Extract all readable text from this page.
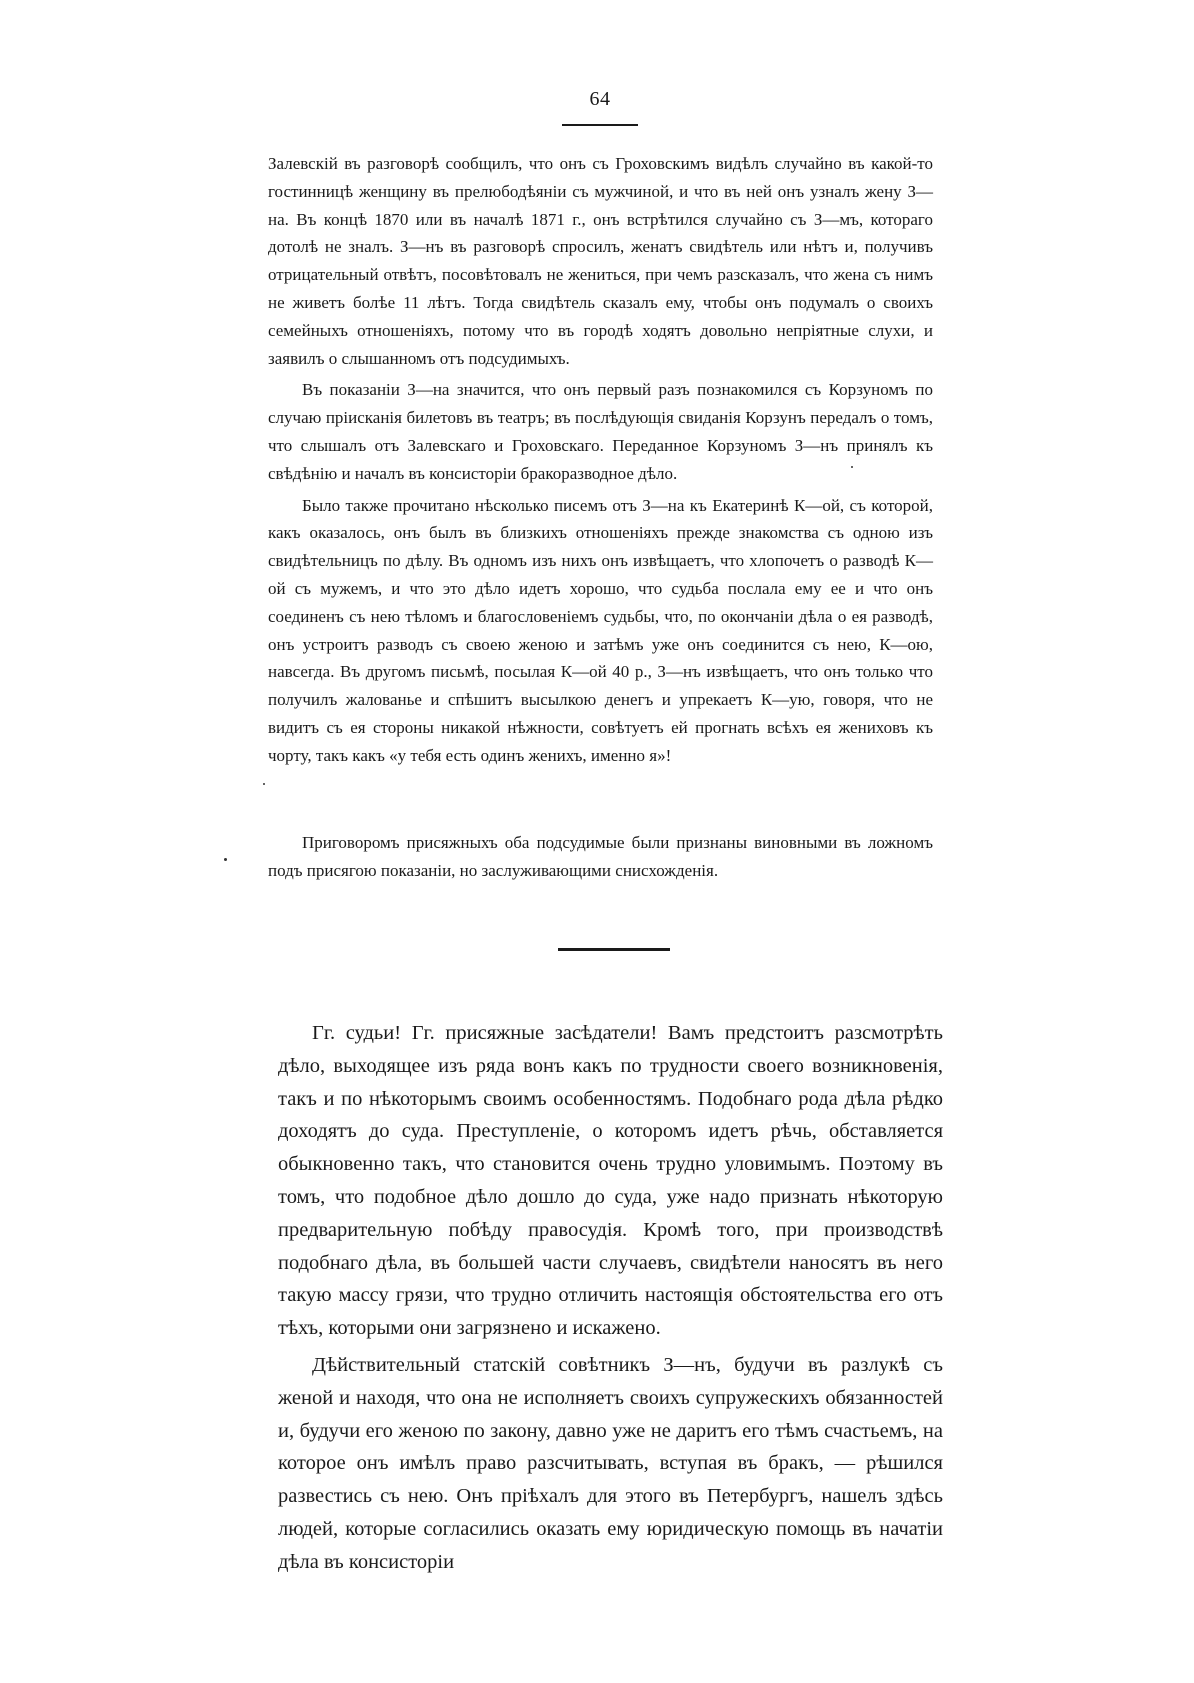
64

Залевскій въ разговорѣ сообщилъ, что онъ съ Гроховскимъ видѣлъ случайно въ какой-то гостинницѣ женщину въ прелюбодѣяніи съ мужчиной, и что въ ней онъ узналъ жену З—на. Въ концѣ 1870 или въ началѣ 1871 г., онъ встрѣтился случайно съ З—мъ, котораго дотолѣ не зналъ. З—нъ въ разговорѣ спросилъ, женатъ свидѣтель или нѣтъ и, получивъ отрицательный отвѣтъ, посовѣтовалъ не жениться, при чемъ разсказалъ, что жена съ нимъ не живетъ болѣе 11 лѣтъ. Тогда свидѣтель сказалъ ему, чтобы онъ подумалъ о своихъ семейныхъ отношеніяхъ, потому что въ городѣ ходятъ довольно непріятные слухи, и заявилъ о слышанномъ отъ подсудимыхъ.

Въ показаніи З—на значится, что онъ первый разъ познакомился съ Корзуномъ по случаю пріисканія билетовъ въ театръ; въ послѣдующія свиданія Корзунъ передалъ о томъ, что слышалъ отъ Залевскаго и Гроховскаго. Переданное Корзуномъ З—нъ принялъ къ свѣдѣнію и началъ въ консисторіи бракоразводное дѣло.

Было также прочитано нѣсколько писемъ отъ З—на къ Екатеринѣ К—ой, съ которой, какъ оказалось, онъ былъ въ близкихъ отношеніяхъ прежде знакомства съ одною изъ свидѣтельницъ по дѣлу. Въ одномъ изъ нихъ онъ извѣщаетъ, что хлопочетъ о разводѣ К—ой съ мужемъ, и что это дѣло идетъ хорошо, что судьба послала ему ее и что онъ соединенъ съ нею тѣломъ и благословеніемъ судьбы, что, по окончаніи дѣла о ея разводѣ, онъ устроитъ разводъ съ своею женою и затѣмъ уже онъ соединится съ нею, К—ою, навсегда. Въ другомъ письмѣ, посылая К—ой 40 р., З—нъ извѣщаетъ, что онъ только что получилъ жалованье и спѣшитъ высылкою денегъ и упрекаетъ К—ую, говоря, что не видитъ съ ея стороны никакой нѣжности, совѣтуетъ ей прогнать всѣхъ ея жениховъ къ чорту, такъ какъ «у тебя есть одинъ женихъ, именно я»!

Приговоромъ присяжныхъ оба подсудимые были признаны виновными въ ложномъ подъ присягою показаніи, но заслуживающими снисхожденія.

Гг. судьи! Гг. присяжные засѣдатели! Вамъ предстоитъ разсмотрѣть дѣло, выходящее изъ ряда вонъ какъ по трудности своего возникновенія, такъ и по нѣкоторымъ своимъ особенностямъ. Подобнаго рода дѣла рѣдко доходятъ до суда. Преступленіе, о которомъ идетъ рѣчь, обставляется обыкновенно такъ, что становится очень трудно уловимымъ. Поэтому въ томъ, что подобное дѣло дошло до суда, уже надо признать нѣкоторую предварительную побѣду правосудія. Кромѣ того, при производствѣ подобнаго дѣла, въ большей части случаевъ, свидѣтели наносятъ въ него такую массу грязи, что трудно отличить настоящія обстоятельства его отъ тѣхъ, которыми они загрязнено и искажено.

Дѣйствительный статскій совѣтникъ З—нъ, будучи въ разлукѣ съ женой и находя, что она не исполняетъ своихъ супружескихъ обязанностей и, будучи его женою по закону, давно уже не даритъ его тѣмъ счастьемъ, на которое онъ имѣлъ право разсчитывать, вступая въ бракъ, — рѣшился развестись съ нею. Онъ пріѣхалъ для этого въ Петербургъ, нашелъ здѣсь людей, которые согласились оказать ему юридическую помощь въ начатіи дѣла въ консисторіи
